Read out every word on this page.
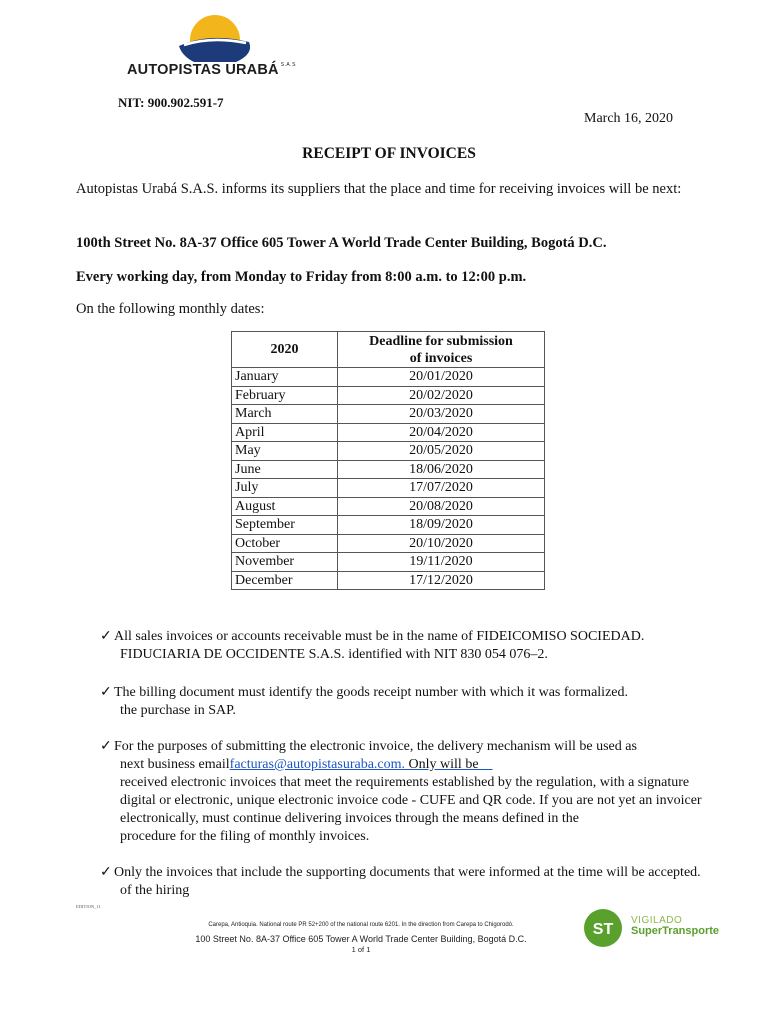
AUTOPISTAS URABÁ $^{S.A.S}$
NIT: 900.902.591-7
March 16, 2020
RECEIPT OF INVOICES
Autopistas Urabá S.A.S. informs its suppliers that the place and time for receiving invoices will be next:
100th Street No. 8A-37 Office 605 Tower A World Trade Center Building, Bogotá D.C.
Every working day, from Monday to Friday from 8:00 a.m. to 12:00 p.m.
On the following monthly dates:
2020	Deadline for submission
of invoices
January	20/01/2020
February	20/02/2020
March	20/03/2020
April	20/04/2020
May	20/05/2020
June	18/06/2020
July	17/07/2020
August	20/08/2020
September	18/09/2020
October	20/10/2020
November	19/11/2020
December	17/12/2020
✓ All sales invoices or accounts receivable must be in the name of FIDEICOMISO SOCIEDAD.
FIDUCIARIA DE OCCIDENTE S.A.S. identified with NIT 830 054 076–2.
✓ The billing document must identify the goods receipt number with which it was formalized.
the purchase in SAP.
✓ For the purposes of submitting the electronic invoice, the delivery mechanism will be used as
next business emailfacturas@autopistasuraba.com. Only will be
received electronic invoices that meet the requirements established by the regulation, with a signature
digital or electronic, unique electronic invoice code - CUFE and QR code. If you are not yet an invoicer
electronically, must continue delivering invoices through the means defined in the
procedure for the filing of monthly invoices.
✓ Only the invoices that include the supporting documents that were informed at the time will be accepted.
of the hiring
EDITION_11
Carepa, Antioquia. National route PR 52+200 of the national route 6201. In the direction from Carepa to Chigorodó.
100 Street No. 8A-37 Office 605 Tower A World Trade Center Building, Bogotá D.C.
1 of 1
ST
VIGILADO
SuperTransporte
